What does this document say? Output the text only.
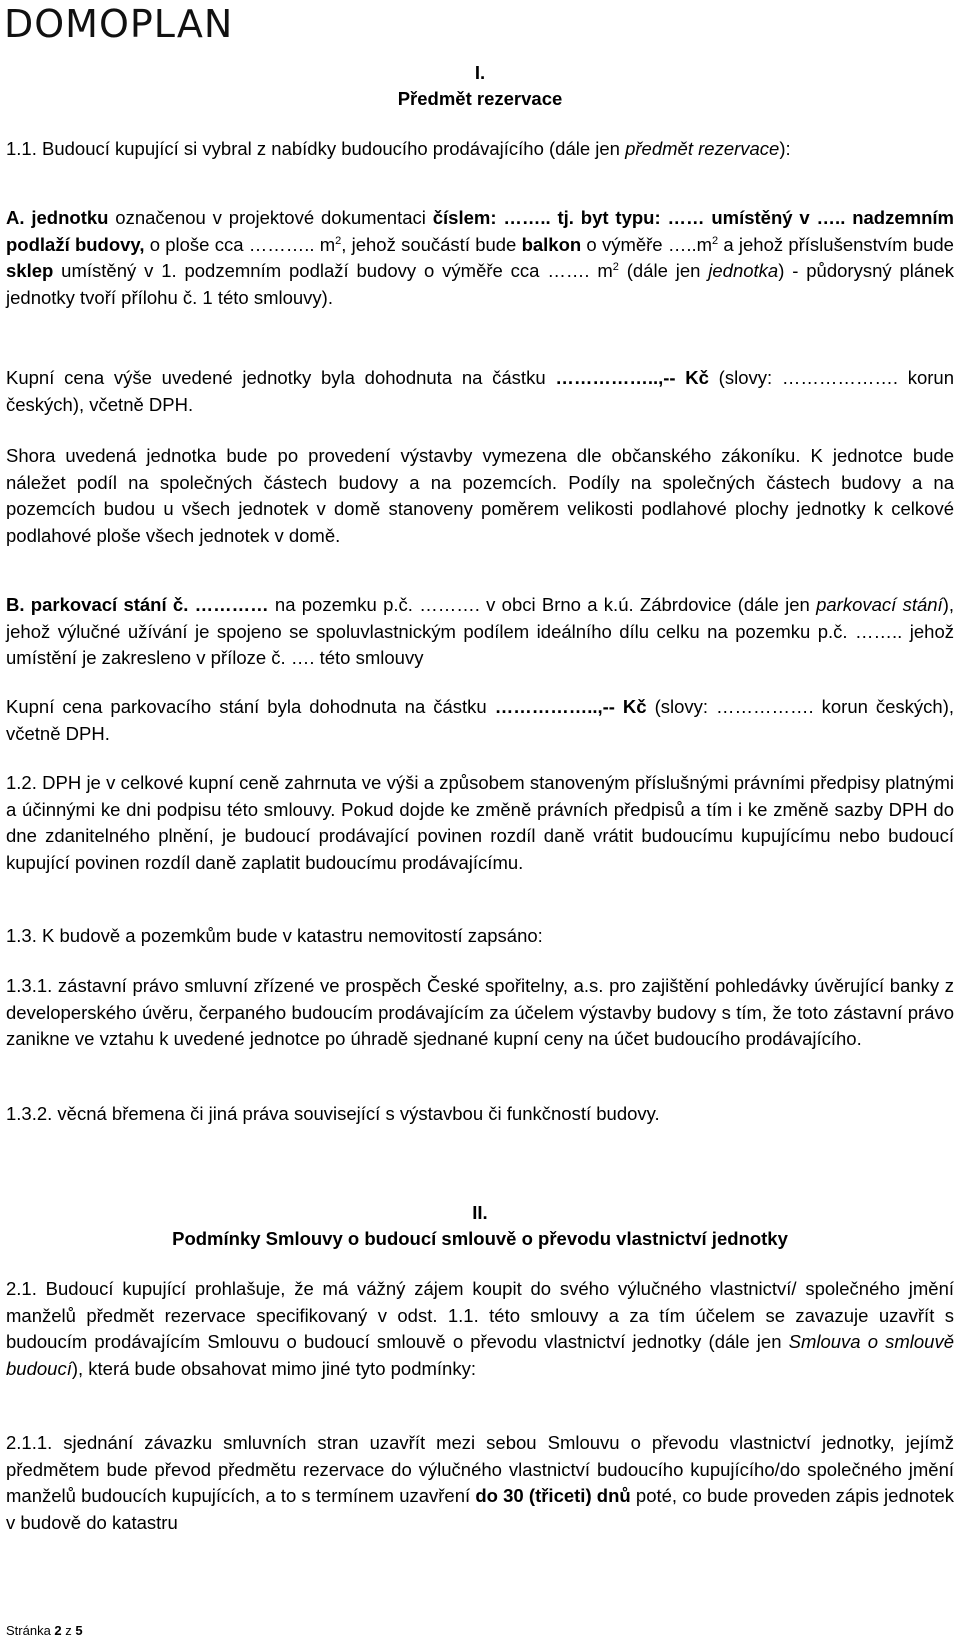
DOMOPLAN
I.
Předmět rezervace

1.1. Budoucí kupující si vybral z nabídky budoucího prodávajícího (dále jen předmět rezervace):

A. jednotku označenou v projektové dokumentaci číslem: …….. tj. byt typu: …… umístěný v ….. nadzemním podlaží budovy, o ploše cca ……….. $m^2$, jehož součástí bude balkon o výměře $\dots..m^2$ a jehož příslušenstvím bude sklep umístěný v 1. podzemním podlaží budovy o výměře cca ……. $m^2$ (dále jen jednotka) - půdorysný plánek jednotky tvoří přílohu č. 1 této smlouvy).

Kupní cena výše uvedené jednotky byla dohodnuta na částku ……………..,-- Kč (slovy: ………………. korun českých), včetně DPH.

Shora uvedená jednotka bude po provedení výstavby vymezena dle občanského zákoníku. K jednotce bude náležet podíl na společných částech budovy a na pozemcích. Podíly na společných částech budovy a na pozemcích budou u všech jednotek v domě stanoveny poměrem velikosti podlahové plochy jednotky k celkové podlahové ploše všech jednotek v domě.

B. parkovací stání č. ………… na pozemku p.č. ………. v obci Brno a k.ú. Zábrdovice (dále jen parkovací stání), jehož výlučné užívání je spojeno se spoluvlastnickým podílem ideálního dílu celku na pozemku p.č. …….. jehož umístění je zakresleno v příloze č. …. této smlouvy

Kupní cena parkovacího stání byla dohodnuta na částku ……………..,-- Kč (slovy: ……………. korun českých), včetně DPH.

1.2. DPH je v celkové kupní ceně zahrnuta ve výši a způsobem stanoveným příslušnými právními předpisy platnými a účinnými ke dni podpisu této smlouvy. Pokud dojde ke změně právních předpisů a tím i ke změně sazby DPH do dne zdanitelného plnění, je budoucí prodávající povinen rozdíl daně vrátit budoucímu kupujícímu nebo budoucí kupující povinen rozdíl daně zaplatit budoucímu prodávajícímu.

1.3. K budově a pozemkům bude v katastru nemovitostí zapsáno:

1.3.1. zástavní právo smluvní zřízené ve prospěch České spořitelny, a.s. pro zajištění pohledávky úvěrující banky z developerského úvěru, čerpaného budoucím prodávajícím za účelem výstavby budovy s tím, že toto zástavní právo zanikne ve vztahu k uvedené jednotce po úhradě sjednané kupní ceny na účet budoucího prodávajícího.

1.3.2. věcná břemena či jiná práva související s výstavbou či funkčností budovy.

II.
Podmínky Smlouvy o budoucí smlouvě o převodu vlastnictví jednotky

2.1. Budoucí kupující prohlašuje, že má vážný zájem koupit do svého výlučného vlastnictví/ společného jmění manželů předmět rezervace specifikovaný v odst. 1.1. této smlouvy a za tím účelem se zavazuje uzavřít s budoucím prodávajícím Smlouvu o budoucí smlouvě o převodu vlastnictví jednotky (dále jen Smlouva o smlouvě budoucí), která bude obsahovat mimo jiné tyto podmínky:

2.1.1. sjednání závazku smluvních stran uzavřít mezi sebou Smlouvu o převodu vlastnictví jednotky, jejímž předmětem bude převod předmětu rezervace do výlučného vlastnictví budoucího kupujícího/do společného jmění manželů budoucích kupujících, a to s termínem uzavření do 30 (třiceti) dnů poté, co bude proveden zápis jednotek v budově do katastru

Stránka 2 z 5
